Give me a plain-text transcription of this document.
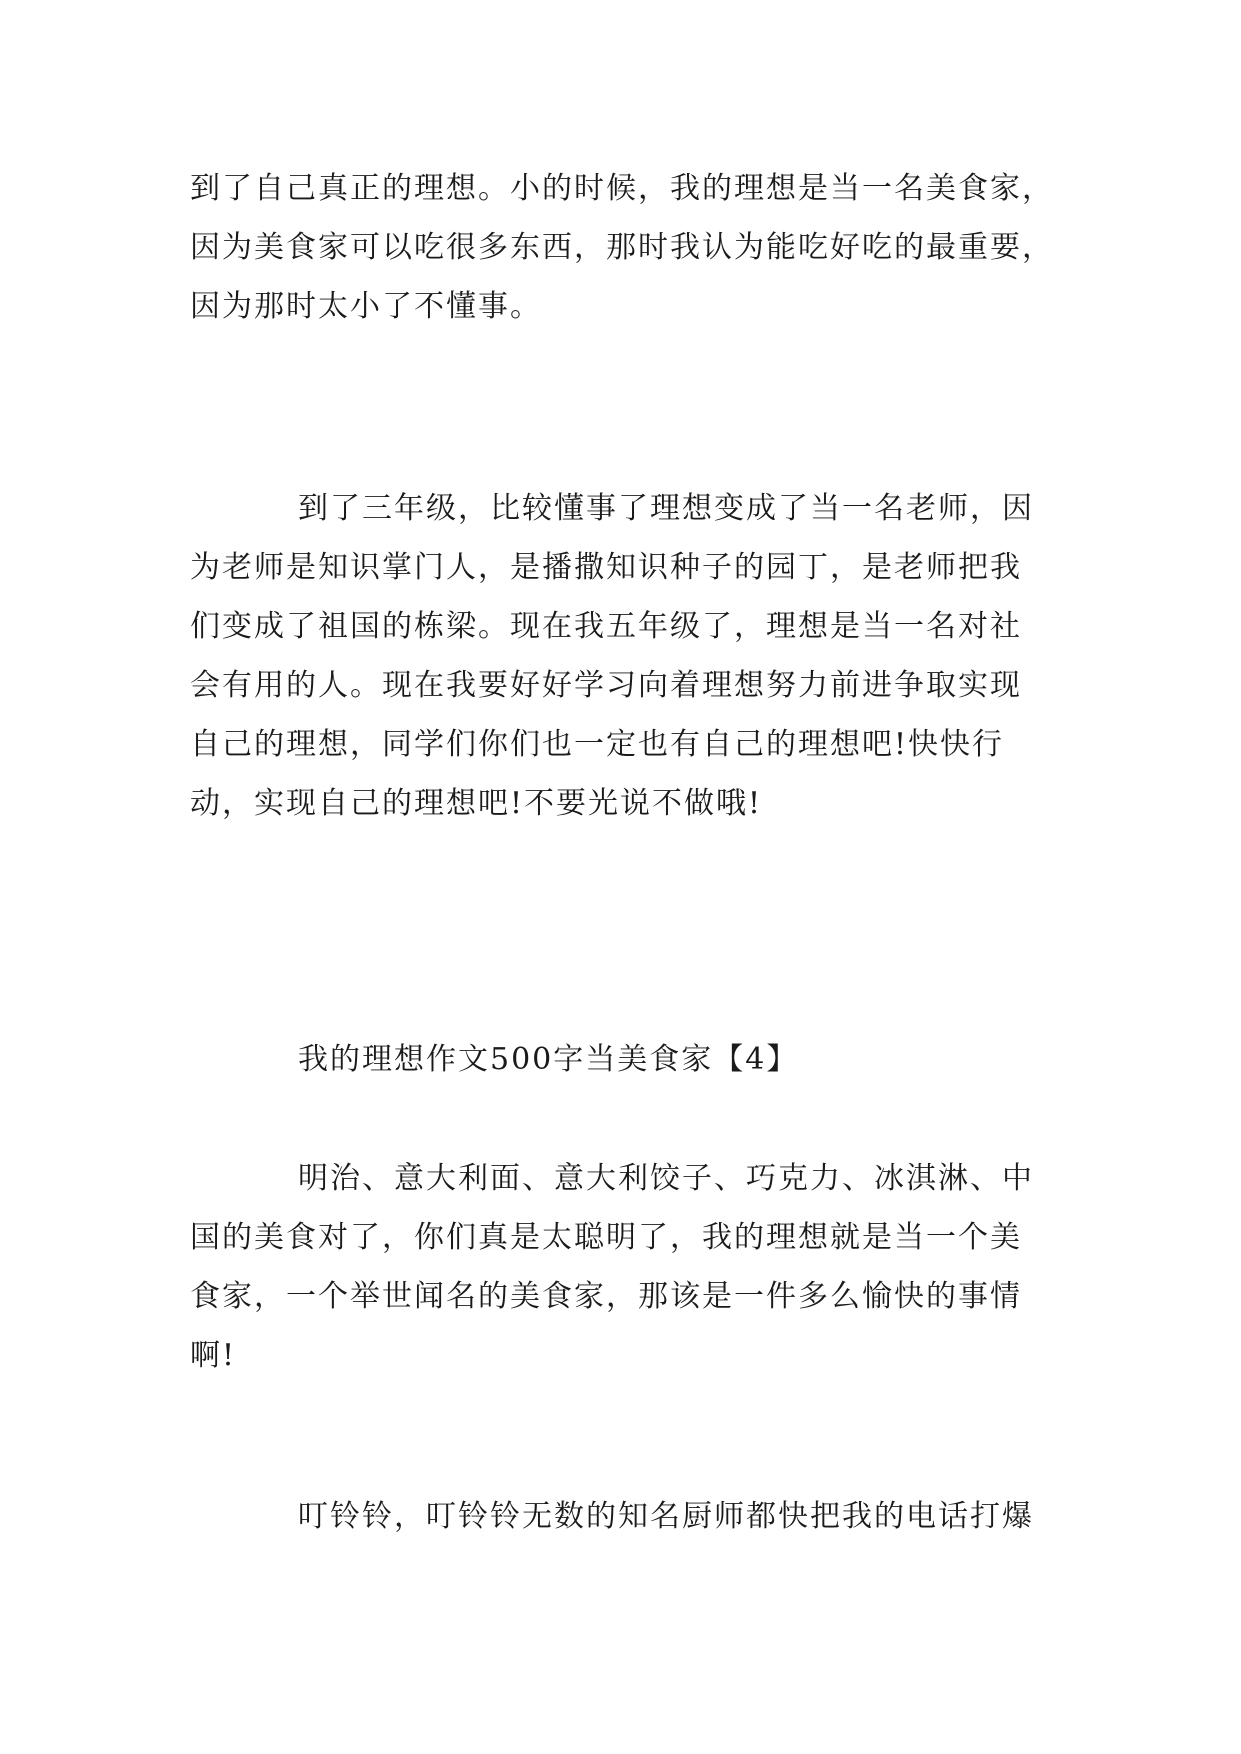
到了自己真正的理想。小的时候，我的理想是当一名美食家，
因为美食家可以吃很多东西，那时我认为能吃好吃的最重要，
因为那时太小了不懂事。
到了三年级，比较懂事了理想变成了当一名老师，因
为老师是知识掌门人，是播撒知识种子的园丁，是老师把我
们变成了祖国的栋梁。现在我五年级了，理想是当一名对社
会有用的人。现在我要好好学习向着理想努力前进争取实现
自己的理想，同学们你们也一定也有自己的理想吧!快快行
动，实现自己的理想吧!不要光说不做哦!
我的理想作文500字当美食家【4】
明治、意大利面、意大利饺子、巧克力、冰淇淋、中
国的美食对了，你们真是太聪明了，我的理想就是当一个美
食家，一个举世闻名的美食家，那该是一件多么愉快的事情
啊!
叮铃铃，叮铃铃无数的知名厨师都快把我的电话打爆
